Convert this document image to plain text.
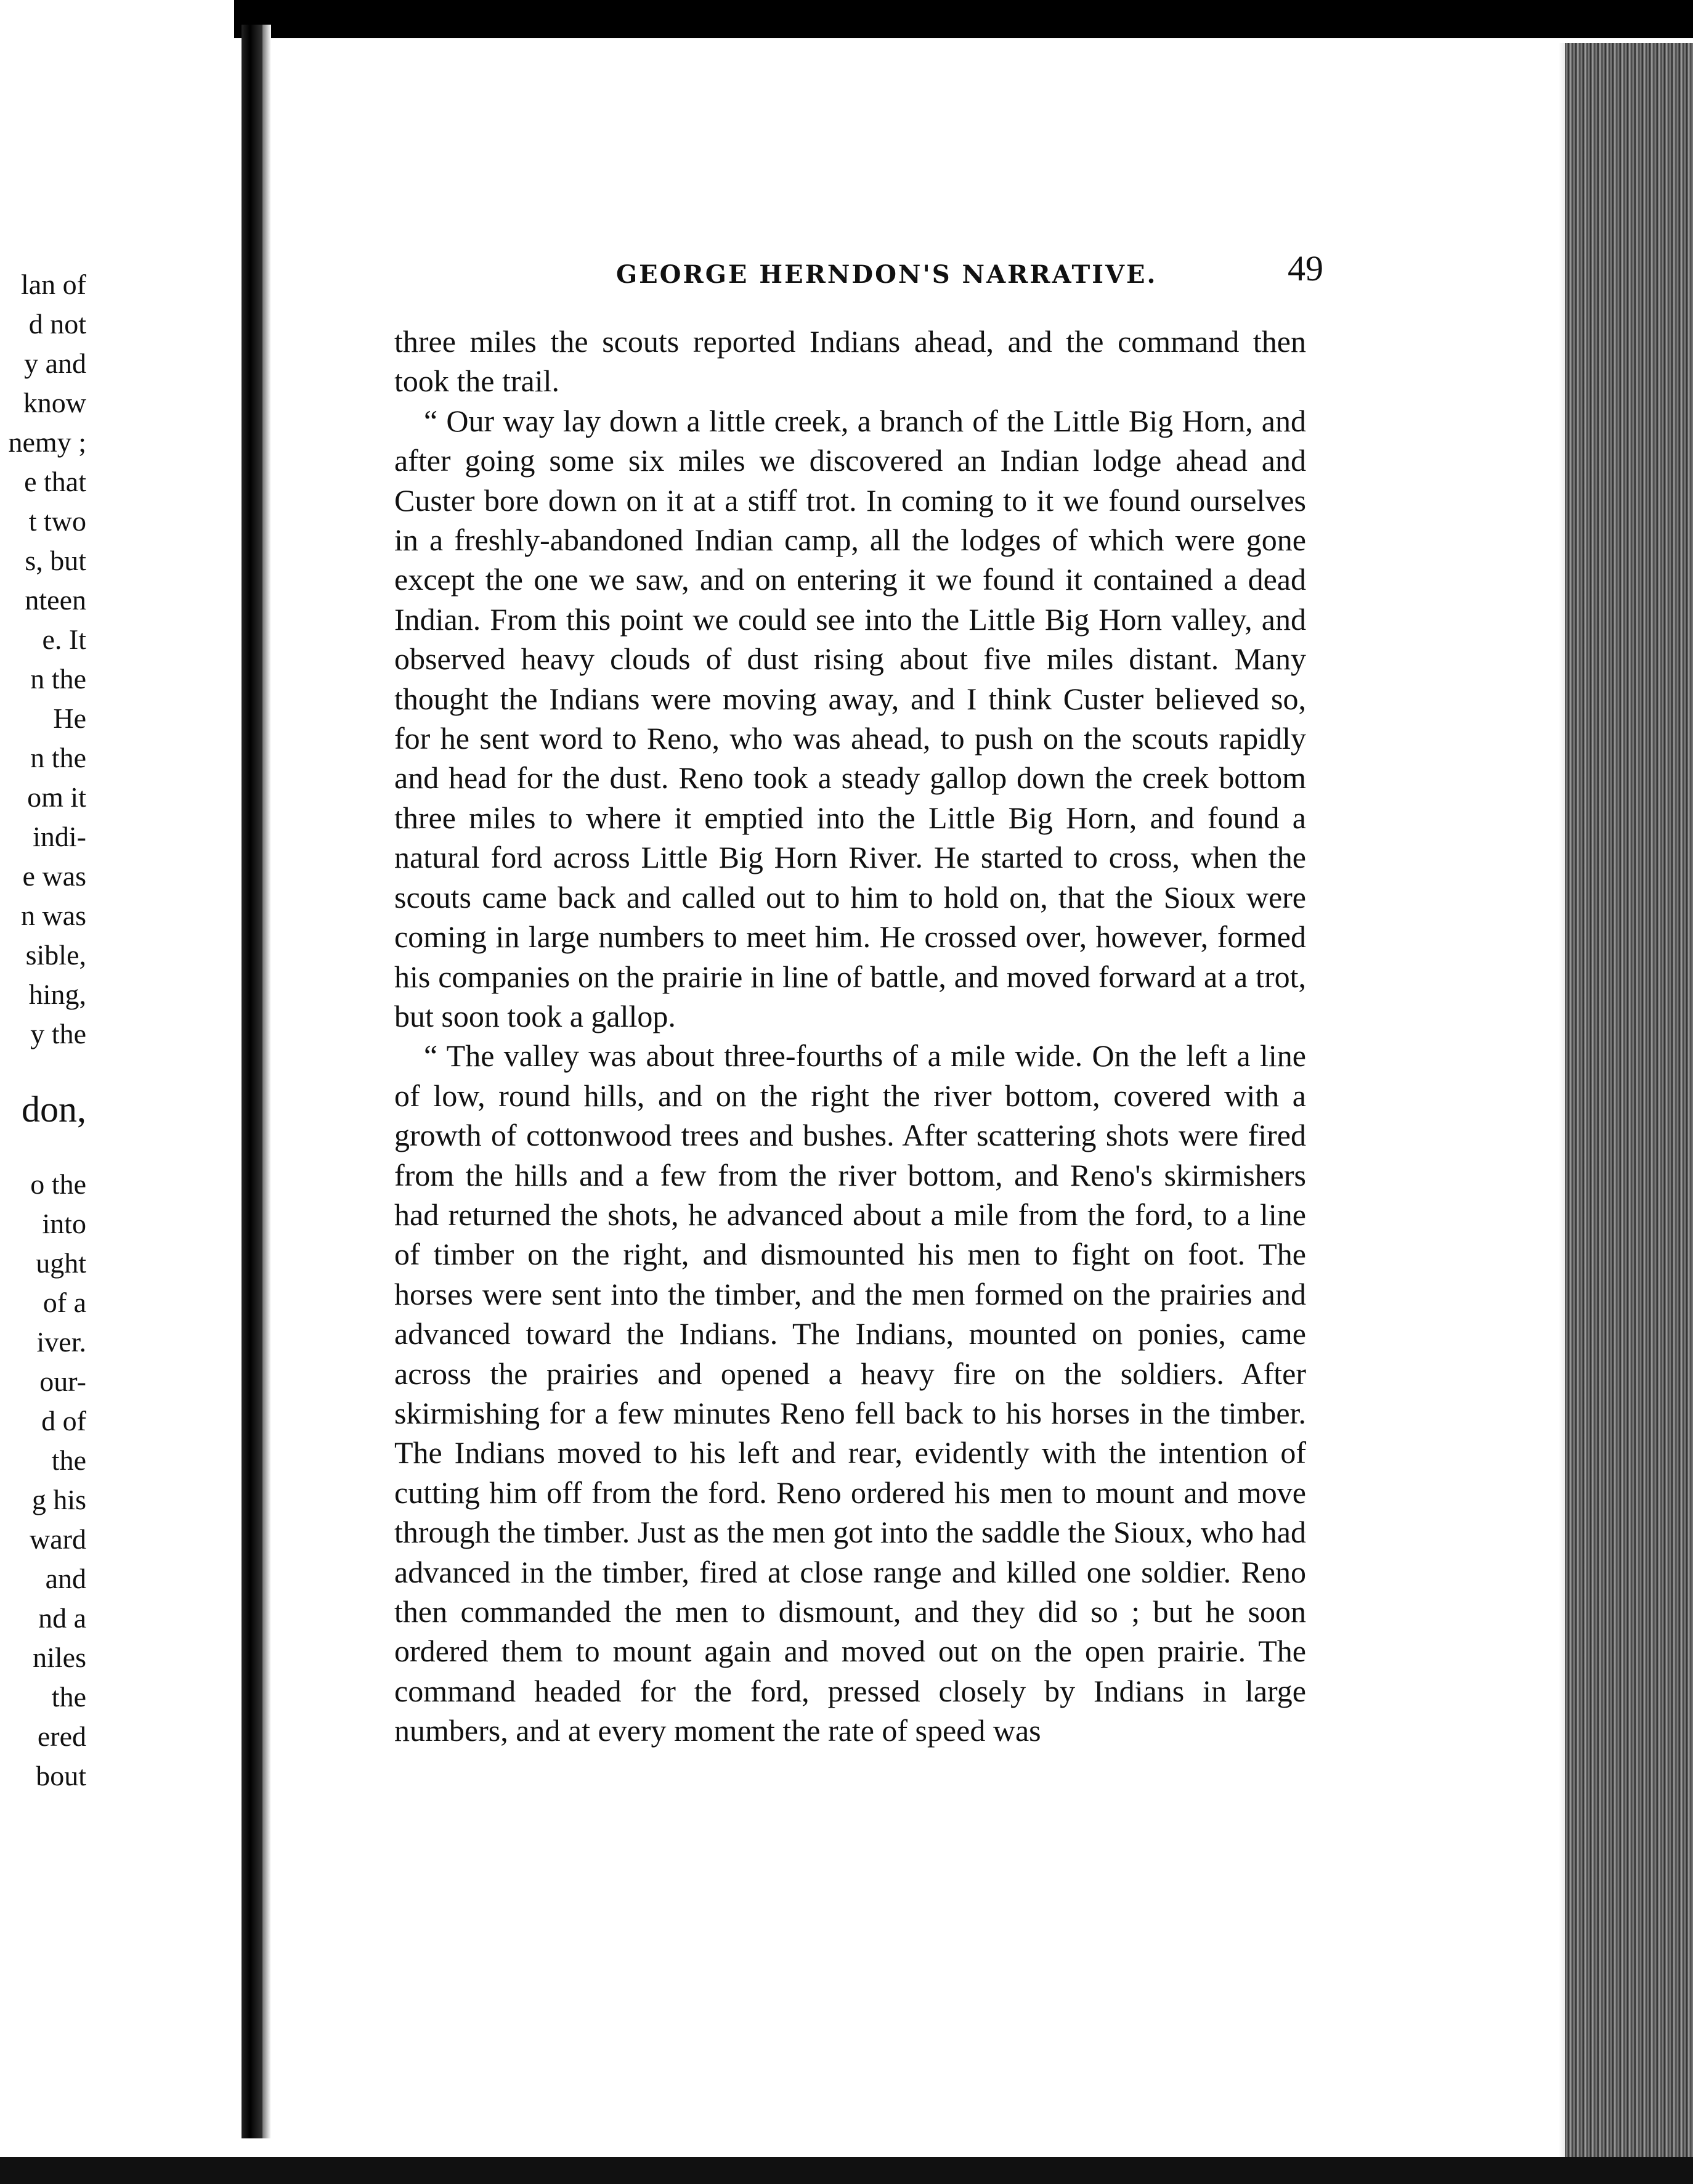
lan of
d not
y and
know
nemy ;
e that
t two
s, but
nteen
e. It
n the
He
n the
om it
indi-
e was
n was
sible,
hing,
y the
don,
o the
into
ught
of a
iver.
our-
d of
the
g his
ward
and
nd a
niles
the
ered
bout
GEORGE HERNDON'S NARRATIVE.	49

three miles the scouts reported Indians ahead, and the command then took the trail.

“ Our way lay down a little creek, a branch of the Little Big Horn, and after going some six miles we discovered an Indian lodge ahead and Custer bore down on it at a stiff trot. In coming to it we found ourselves in a freshly-abandoned Indian camp, all the lodges of which were gone except the one we saw, and on entering it we found it contained a dead Indian. From this point we could see into the Little Big Horn valley, and observed heavy clouds of dust rising about five miles distant. Many thought the Indians were moving away, and I think Custer believed so, for he sent word to Reno, who was ahead, to push on the scouts rapidly and head for the dust. Reno took a steady gallop down the creek bottom three miles to where it emptied into the Little Big Horn, and found a natural ford across Little Big Horn River. He started to cross, when the scouts came back and called out to him to hold on, that the Sioux were coming in large numbers to meet him. He crossed over, however, formed his companies on the prairie in line of battle, and moved forward at a trot, but soon took a gallop.

“ The valley was about three-fourths of a mile wide. On the left a line of low, round hills, and on the right the river bottom, covered with a growth of cottonwood trees and bushes. After scattering shots were fired from the hills and a few from the river bottom, and Reno's skirmishers had returned the shots, he advanced about a mile from the ford, to a line of timber on the right, and dismounted his men to fight on foot. The horses were sent into the timber, and the men formed on the prairies and advanced toward the Indians. The Indians, mounted on ponies, came across the prairies and opened a heavy fire on the soldiers. After skirmishing for a few minutes Reno fell back to his horses in the timber. The Indians moved to his left and rear, evidently with the intention of cutting him off from the ford. Reno ordered his men to mount and move through the timber. Just as the men got into the saddle the Sioux, who had advanced in the timber, fired at close range and killed one soldier. Reno then commanded the men to dismount, and they did so ; but he soon ordered them to mount again and moved out on the open prairie. The command headed for the ford, pressed closely by Indians in large numbers, and at every moment the rate of speed was
